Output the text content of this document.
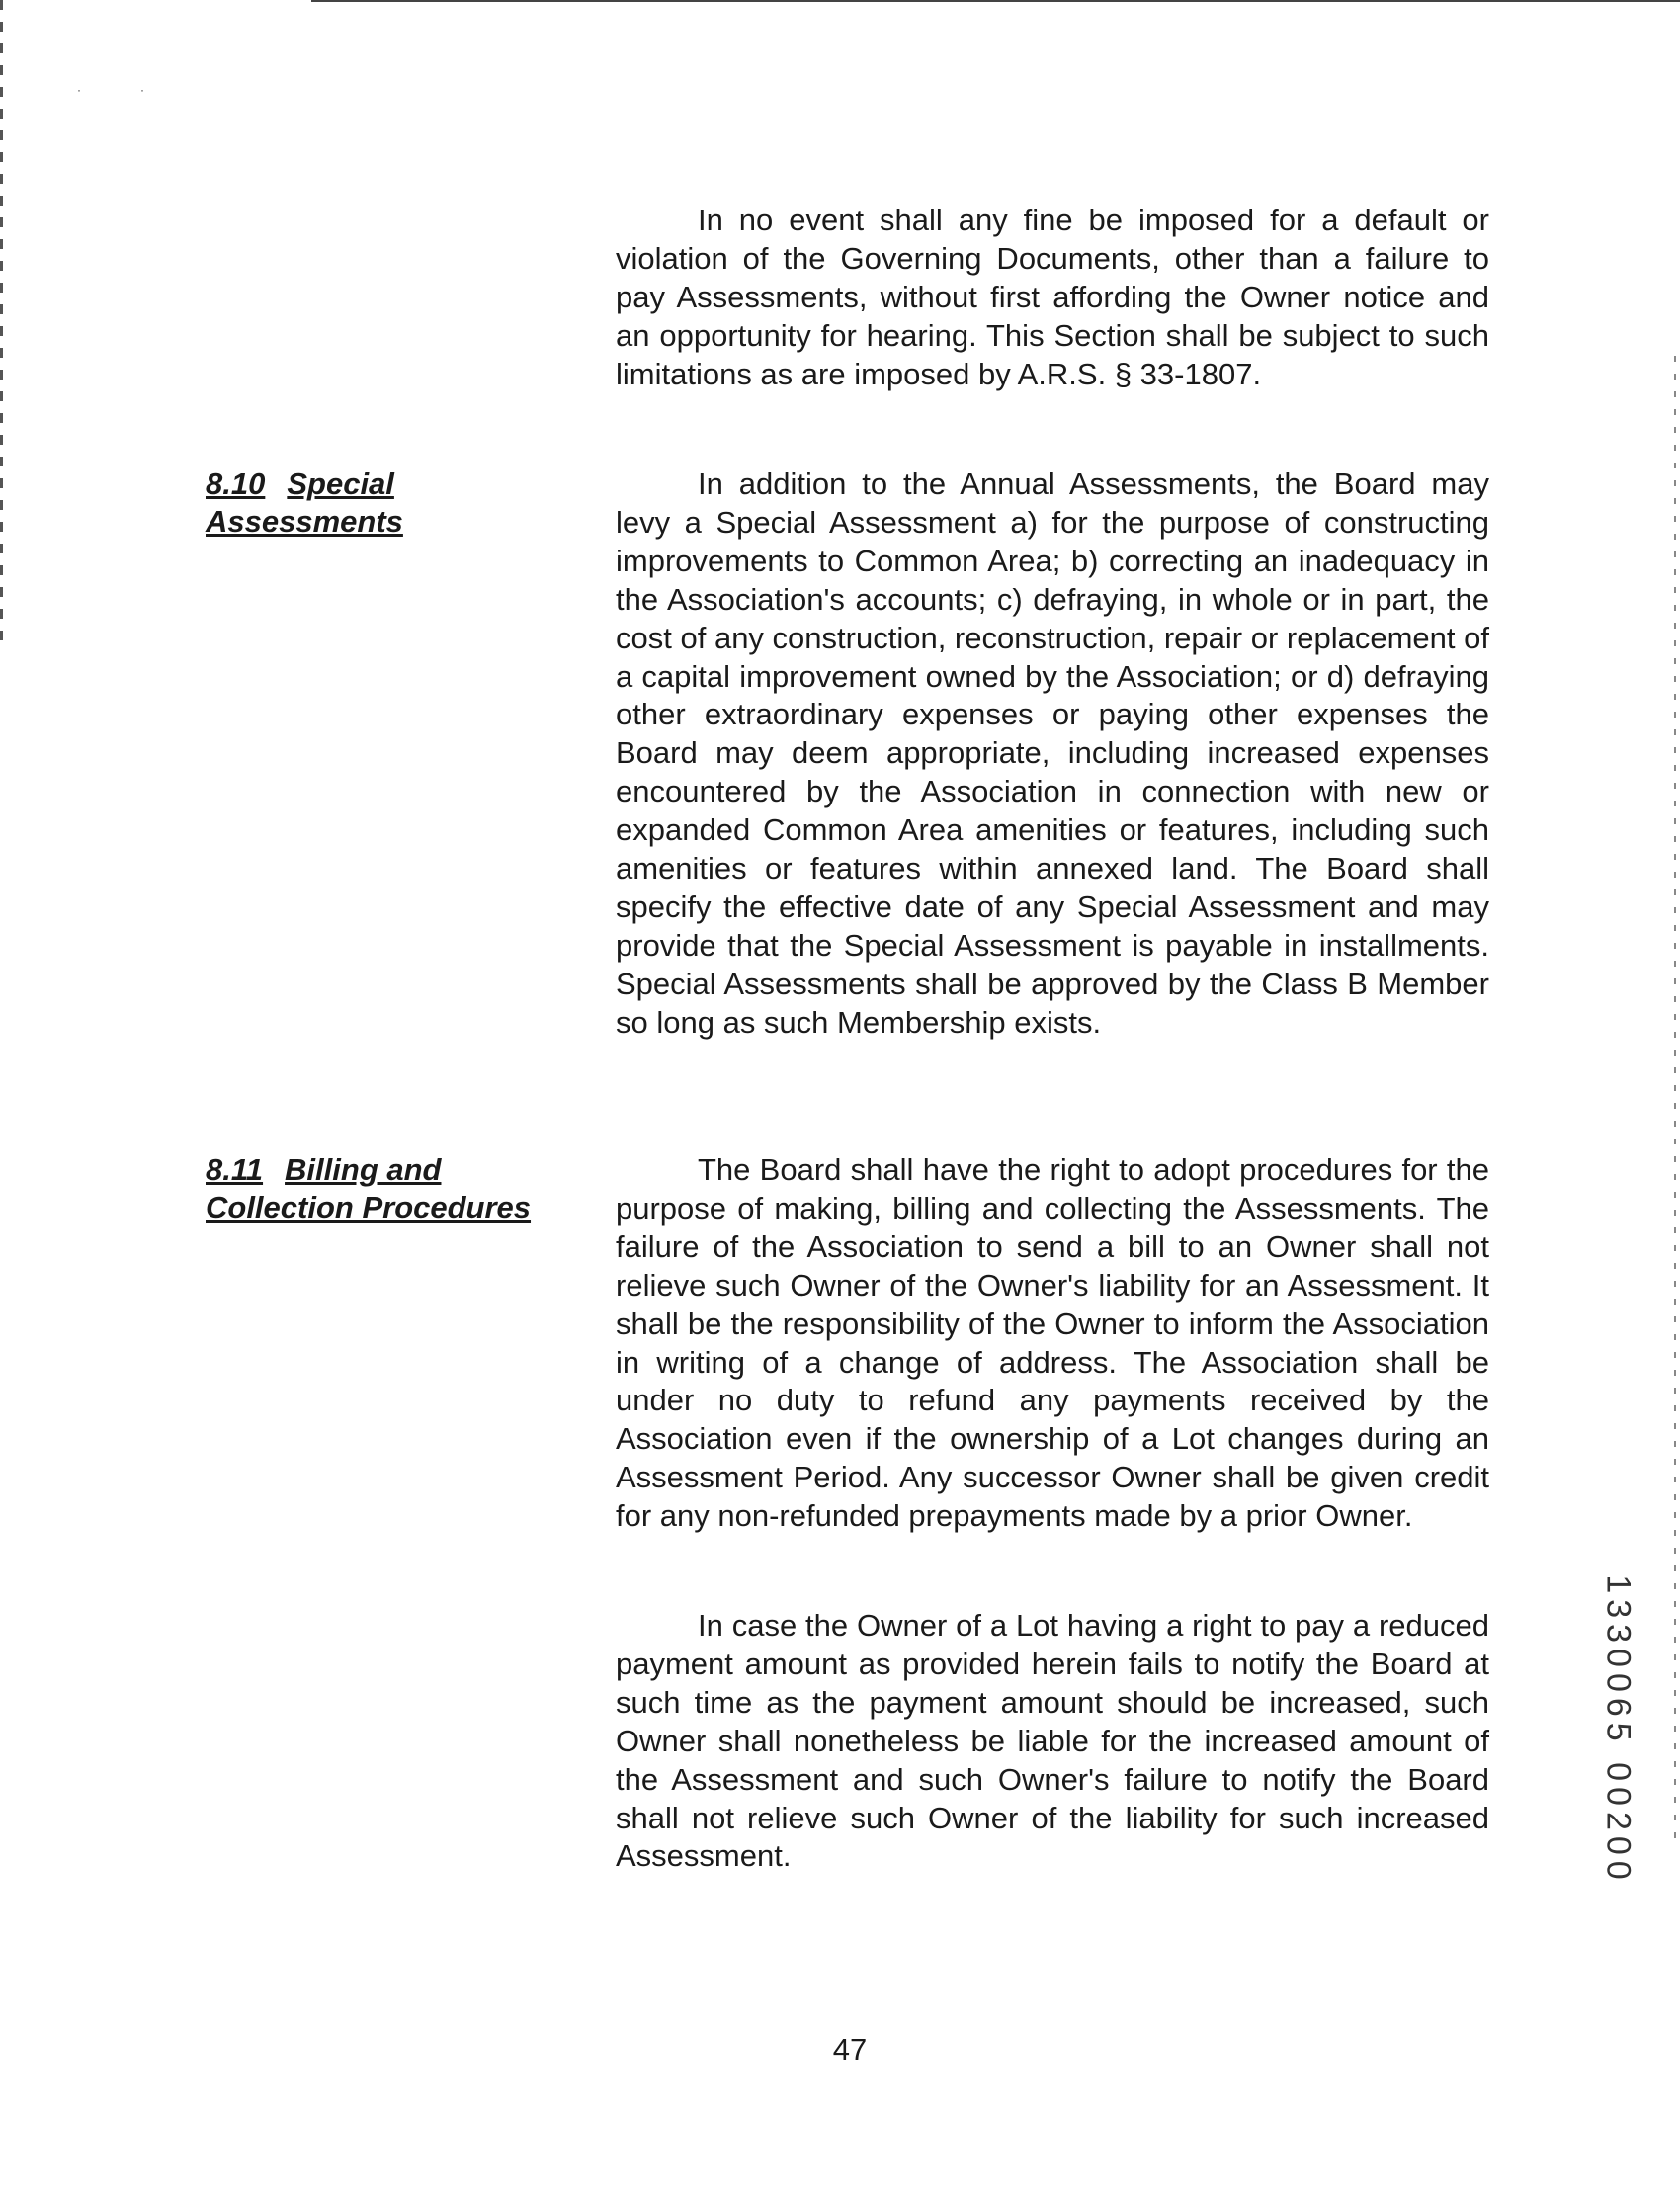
··

In no event shall any fine be imposed for a default or violation of the Governing Documents, other than a failure to pay Assessments, without first affording the Owner notice and an opportunity for hearing. This Section shall be subject to such limitations as are imposed by A.R.S. § 33-1807.

8.10 Special Assessments

In addition to the Annual Assessments, the Board may levy a Special Assessment a) for the purpose of constructing improvements to Common Area; b) correcting an inadequacy in the Association's accounts; c) defraying, in whole or in part, the cost of any construction, reconstruction, repair or replacement of a capital improvement owned by the Association; or d) defraying other extraordinary expenses or paying other expenses the Board may deem appropriate, including increased expenses encountered by the Association in connection with new or expanded Common Area amenities or features, including such amenities or features within annexed land. The Board shall specify the effective date of any Special Assessment and may provide that the Special Assessment is payable in installments. Special Assessments shall be approved by the Class B Member so long as such Membership exists.

8.11 Billing and Collection Procedures

The Board shall have the right to adopt procedures for the purpose of making, billing and collecting the Assessments. The failure of the Association to send a bill to an Owner shall not relieve such Owner of the Owner's liability for an Assessment. It shall be the responsibility of the Owner to inform the Association in writing of a change of address. The Association shall be under no duty to refund any payments received by the Association even if the ownership of a Lot changes during an Assessment Period. Any successor Owner shall be given credit for any non-refunded prepayments made by a prior Owner.

In case the Owner of a Lot having a right to pay a reduced payment amount as provided herein fails to notify the Board at such time as the payment amount should be increased, such Owner shall nonetheless be liable for the increased amount of the Assessment and such Owner's failure to notify the Board shall not relieve such Owner of the liability for such increased Assessment.

47
1330065 00200
